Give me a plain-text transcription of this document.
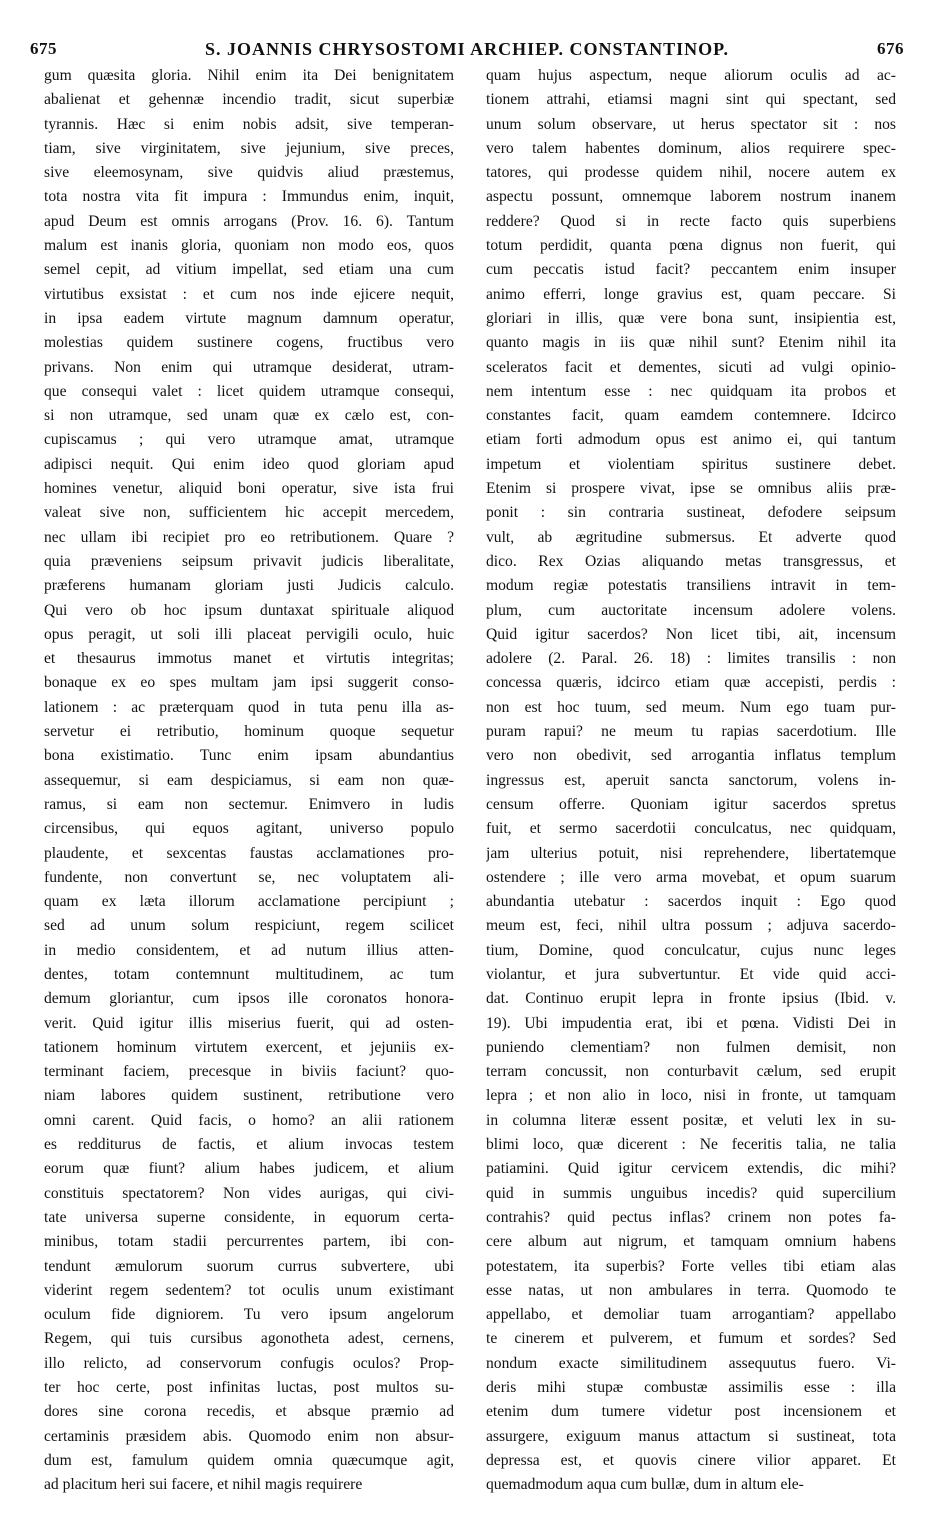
675	S. JOANNIS CHRYSOSTOMI ARCHIEP. CONSTANTINOP.	676
gum quæsita gloria. Nihil enim ita Dei benignitatem
abalienat et gehennæ incendio tradit, sicut superbiæ
tyrannis. Hæc si enim nobis adsit, sive temperan-
tiam, sive virginitatem, sive jejunium, sive preces,
sive eleemosynam, sive quidvis aliud præstemus,
tota nostra vita fit impura : Immundus enim, inquit,
apud Deum est omnis arrogans (Prov. 16. 6). Tantum
malum est inanis gloria, quoniam non modo eos, quos
semel cepit, ad vitium impellat, sed etiam una cum
virtutibus exsistat : et cum nos inde ejicere nequit,
in ipsa eadem virtute magnum damnum operatur,
molestias quidem sustinere cogens, fructibus vero
privans. Non enim qui utramque desiderat, utram-
que consequi valet : licet quidem utramque consequi,
si non utramque, sed unam quæ ex cælo est, con-
cupiscamus ; qui vero utramque amat, utramque
adipisci nequit. Qui enim ideo quod gloriam apud
homines venetur, aliquid boni operatur, sive ista frui
valeat sive non, sufficientem hic accepit mercedem,
nec ullam ibi recipiet pro eo retributionem. Quare ?
quia præveniens seipsum privavit judicis liberalitate,
præferens humanam gloriam justi Judicis calculo.
Qui vero ob hoc ipsum duntaxat spirituale aliquod
opus peragit, ut soli illi placeat pervigili oculo, huic
et thesaurus immotus manet et virtutis integritas;
bonaque ex eo spes multam jam ipsi suggerit conso-
lationem : ac præterquam quod in tuta penu illa as-
servetur ei retributio, hominum quoque sequetur
bona existimatio. Tunc enim ipsam abundantius
assequemur, si eam despiciamus, si eam non quæ-
ramus, si eam non sectemur. Enimvero in ludis
circensibus, qui equos agitant, universo populo
plaudente, et sexcentas faustas acclamationes pro-
fundente, non convertunt se, nec voluptatem ali-
quam ex læta illorum acclamatione percipiunt ;
sed ad unum solum respiciunt, regem scilicet
in medio considentem, et ad nutum illius atten-
dentes, totam contemnunt multitudinem, ac tum
demum gloriantur, cum ipsos ille coronatos honora-
verit. Quid igitur illis miserius fuerit, qui ad osten-
tationem hominum virtutem exercent, et jejuniis ex-
terminant faciem, precesque in biviis faciunt? quo-
niam labores quidem sustinent, retributione vero
omni carent. Quid facis, o homo? an alii rationem
es redditurus de factis, et alium invocas testem
eorum quæ fiunt? alium habes judicem, et alium
constituis spectatorem? Non vides aurigas, qui civi-
tate universa superne considente, in equorum certa-
minibus, totam stadii percurrentes partem, ibi con-
tendunt æmulorum suorum currus subvertere, ubi
viderint regem sedentem? tot oculis unum existimant
oculum fide digniorem. Tu vero ipsum angelorum
Regem, qui tuis cursibus agonotheta adest, cernens,
illo relicto, ad conservorum confugis oculos? Prop-
ter hoc certe, post infinitas luctas, post multos su-
dores sine corona recedis, et absque præmio ad
certaminis præsidem abis. Quomodo enim non absur-
dum est, famulum quidem omnia quæcumque agit,
ad placitum heri sui facere, et nihil magis requirere
quam hujus aspectum, neque aliorum oculis ad ac-
tionem attrahi, etiamsi magni sint qui spectant, sed
unum solum observare, ut herus spectator sit : nos
vero talem habentes dominum, alios requirere spec-
tatores, qui prodesse quidem nihil, nocere autem ex
aspectu possunt, omnemque laborem nostrum inanem
reddere? Quod si in recte facto quis superbiens
totum perdidit, quanta pœna dignus non fuerit, qui
cum peccatis istud facit? peccantem enim insuper
animo efferri, longe gravius est, quam peccare. Si
gloriari in illis, quæ vere bona sunt, insipientia est,
quanto magis in iis quæ nihil sunt? Etenim nihil ita
sceleratos facit et dementes, sicuti ad vulgi opinio-
nem intentum esse : nec quidquam ita probos et
constantes facit, quam eamdem contemnere. Idcirco
etiam forti admodum opus est animo ei, qui tantum
impetum et violentiam spiritus sustinere debet.
Etenim si prospere vivat, ipse se omnibus aliis præ-
ponit : sin contraria sustineat, defodere seipsum
vult, ab ægritudine submersus. Et adverte quod
dico. Rex Ozias aliquando metas transgressus, et
modum regiæ potestatis transiliens intravit in tem-
plum, cum auctoritate incensum adolere volens.
Quid igitur sacerdos? Non licet tibi, ait, incensum
adolere (2. Paral. 26. 18) : limites transilis : non
concessa quæris, idcirco etiam quæ accepisti, perdis :
non est hoc tuum, sed meum. Num ego tuam pur-
puram rapui? ne meum tu rapias sacerdotium. Ille
vero non obedivit, sed arrogantia inflatus templum
ingressus est, aperuit sancta sanctorum, volens in-
censum offerre. Quoniam igitur sacerdos spretus
fuit, et sermo sacerdotii conculcatus, nec quidquam,
jam ulterius potuit, nisi reprehendere, libertatemque
ostendere ; ille vero arma movebat, et opum suarum
abundantia utebatur : sacerdos inquit : Ego quod
meum est, feci, nihil ultra possum ; adjuva sacerdo-
tium, Domine, quod conculcatur, cujus nunc leges
violantur, et jura subvertuntur. Et vide quid acci-
dat. Continuo erupit lepra in fronte ipsius (Ibid. v.
19). Ubi impudentia erat, ibi et pœna. Vidisti Dei in
puniendo clementiam? non fulmen demisit, non
terram concussit, non conturbavit cælum, sed erupit
lepra ; et non alio in loco, nisi in fronte, ut tamquam
in columna literæ essent positæ, et veluti lex in su-
blimi loco, quæ dicerent : Ne feceritis talia, ne talia
patiamini. Quid igitur cervicem extendis, dic mihi?
quid in summis unguibus incedis? quid supercilium
contrahis? quid pectus inflas? crinem non potes fa-
cere album aut nigrum, et tamquam omnium habens
potestatem, ita superbis? Forte velles tibi etiam alas
esse natas, ut non ambulares in terra. Quomodo te
appellabo, et demoliar tuam arrogantiam? appellabo
te cinerem et pulverem, et fumum et sordes? Sed
nondum exacte similitudinem assequutus fuero. Vi-
deris mihi stupæ combustæ assimilis esse : illa
etenim dum tumere videtur post incensionem et
assurgere, exiguum manus attactum si sustineat, tota
depressa est, et quovis cinere vilior apparet. Et
quemadmodum aqua cum bullæ, dum in altum ele-
